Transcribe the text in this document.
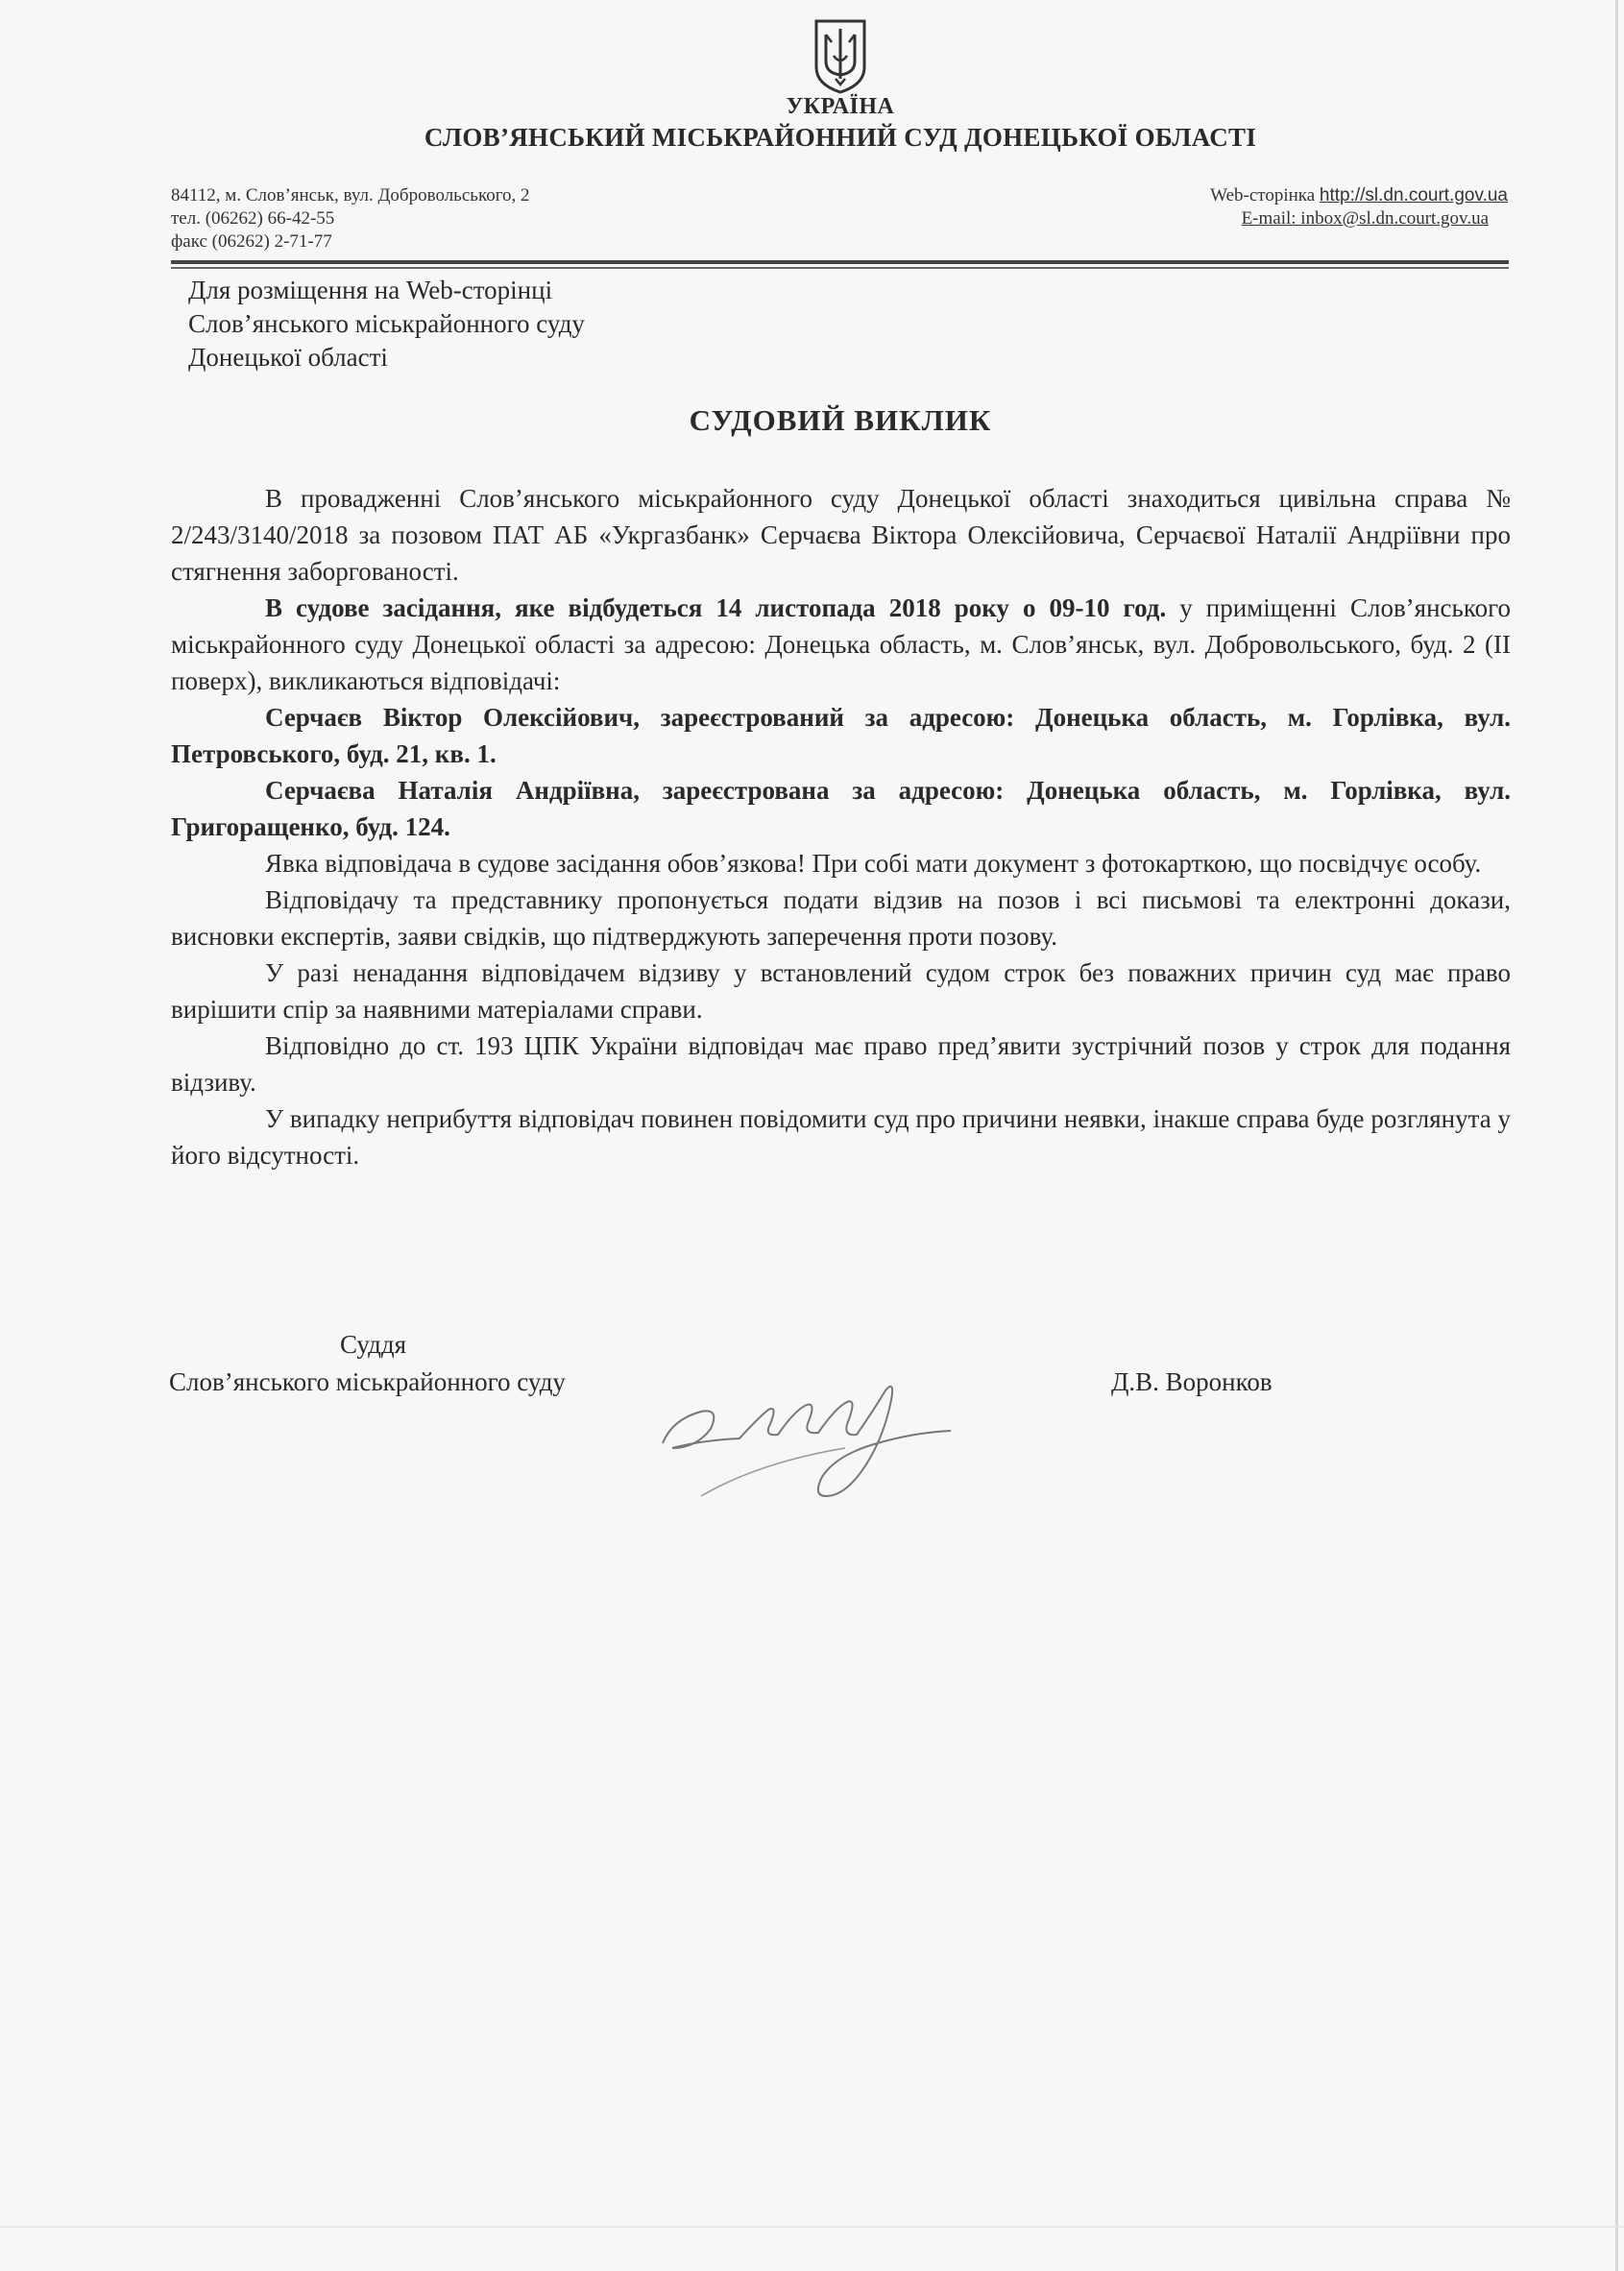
УКРАЇНА
СЛОВ’ЯНСЬКИЙ МІСЬКРАЙОННИЙ СУД ДОНЕЦЬКОЇ ОБЛАСТІ
84112, м. Слов’янськ, вул. Добровольського, 2
тел. (06262) 66-42-55
факс (06262) 2-71-77
Web-сторінка http://sl.dn.court.gov.ua
E-mail: inbox@sl.dn.court.gov.ua
Для розміщення на Web-сторінці
Слов’янського міськрайонного суду
Донецької області
СУДОВИЙ ВИКЛИК

В провадженні Слов’янського міськрайонного суду Донецької області знаходиться цивільна справа № 2/243/3140/2018 за позовом ПАТ АБ «Укргазбанк» Серчаєва Віктора Олексійовича, Серчаєвої Наталії Андріївни про стягнення заборгованості.

В судове засідання, яке відбудеться 14 листопада 2018 року о 09-10 год. у приміщенні Слов’янського міськрайонного суду Донецької області за адресою: Донецька область, м. Слов’янськ, вул. Добровольського, буд. 2 (ІІ поверх), викликаються відповідачі:

Серчаєв Віктор Олексійович, зареєстрований за адресою: Донецька область, м. Горлівка, вул. Петровського, буд. 21, кв. 1.

Серчаєва Наталія Андріївна, зареєстрована за адресою: Донецька область, м. Горлівка, вул. Григоращенко, буд. 124.

Явка відповідача в судове засідання обов’язкова! При собі мати документ з фотокарткою, що посвідчує особу.

Відповідачу та представнику пропонується подати відзив на позов і всі письмові та електронні докази, висновки експертів, заяви свідків, що підтверджують заперечення проти позову.

У разі ненадання відповідачем відзиву у встановлений судом строк без поважних причин суд має право вирішити спір за наявними матеріалами справи.

Відповідно до ст. 193 ЦПК України відповідач має право пред’явити зустрічний позов у строк для подання відзиву.

У випадку неприбуття відповідач повинен повідомити суд про причини неявки, інакше справа буде розглянута у його відсутності.

Суддя
Слов’янського міськрайонного суду	Д.В. Воронков
